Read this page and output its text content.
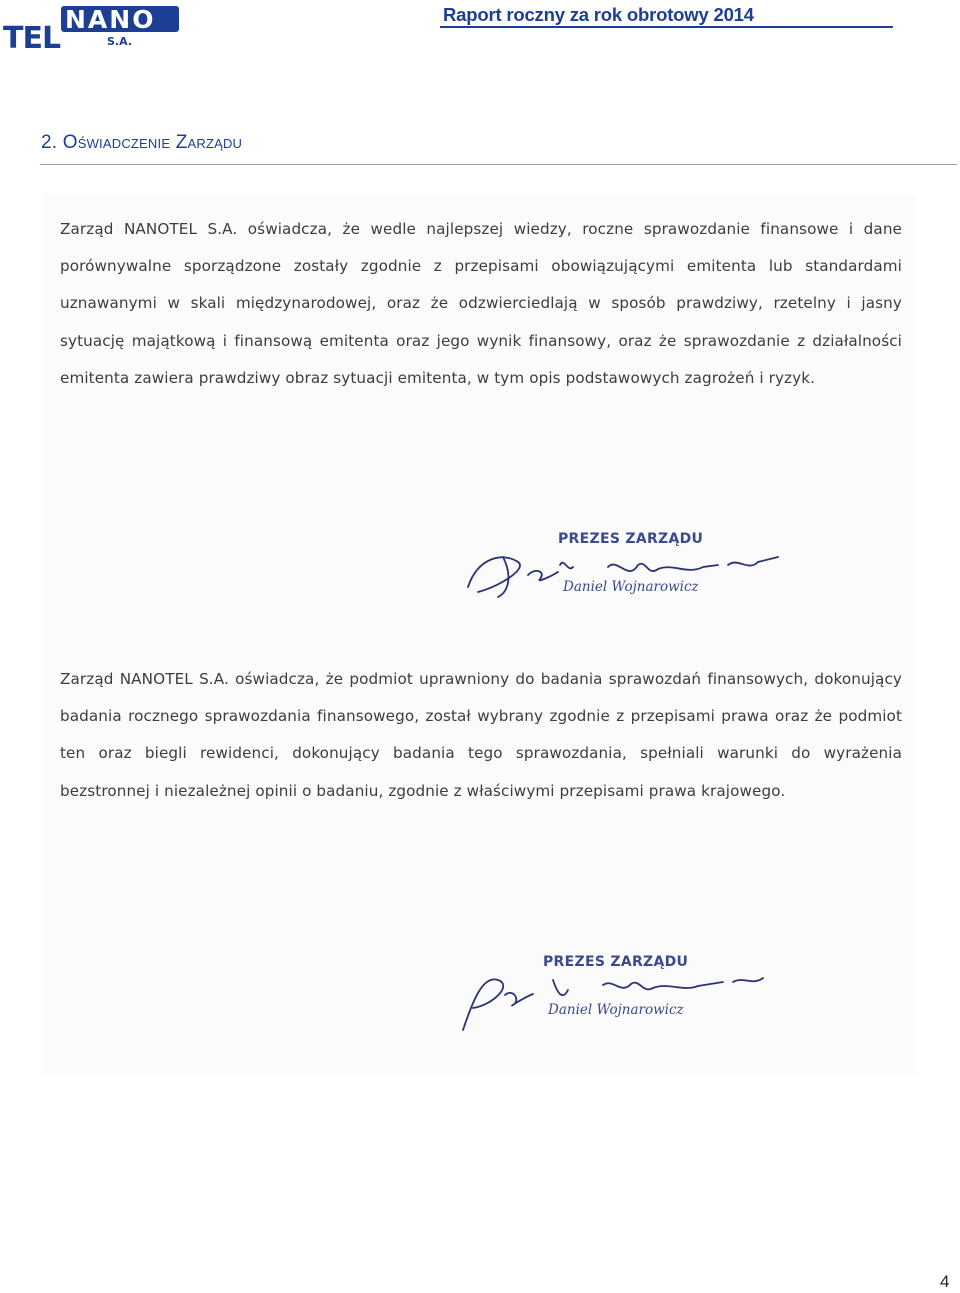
NANO
TEL	S.A.
Raport roczny za rok obrotowy 2014
2. Oświadczenie Zarządu
Zarząd NANOTEL S.A. oświadcza, że wedle najlepszej wiedzy, roczne sprawozdanie finansowe i dane porównywalne sporządzone zostały zgodnie z przepisami obowiązującymi emitenta lub standardami uznawanymi w skali międzynarodowej, oraz że odzwierciedlają w sposób prawdziwy, rzetelny i jasny sytuację majątkową i finansową emitenta oraz jego wynik finansowy, oraz że sprawozdanie z działalności emitenta zawiera prawdziwy obraz sytuacji emitenta, w tym opis podstawowych zagrożeń i ryzyk.
PREZES ZARZĄDU
Daniel Wojnarowicz
Zarząd NANOTEL S.A. oświadcza, że podmiot uprawniony do badania sprawozdań finansowych, dokonujący badania rocznego sprawozdania finansowego, został wybrany zgodnie z przepisami prawa oraz że podmiot ten oraz biegli rewidenci, dokonujący badania tego sprawozdania, spełniali warunki do wyrażenia bezstronnej i niezależnej opinii o badaniu, zgodnie z właściwymi przepisami prawa krajowego.
PREZES ZARZĄDU
Daniel Wojnarowicz
4
